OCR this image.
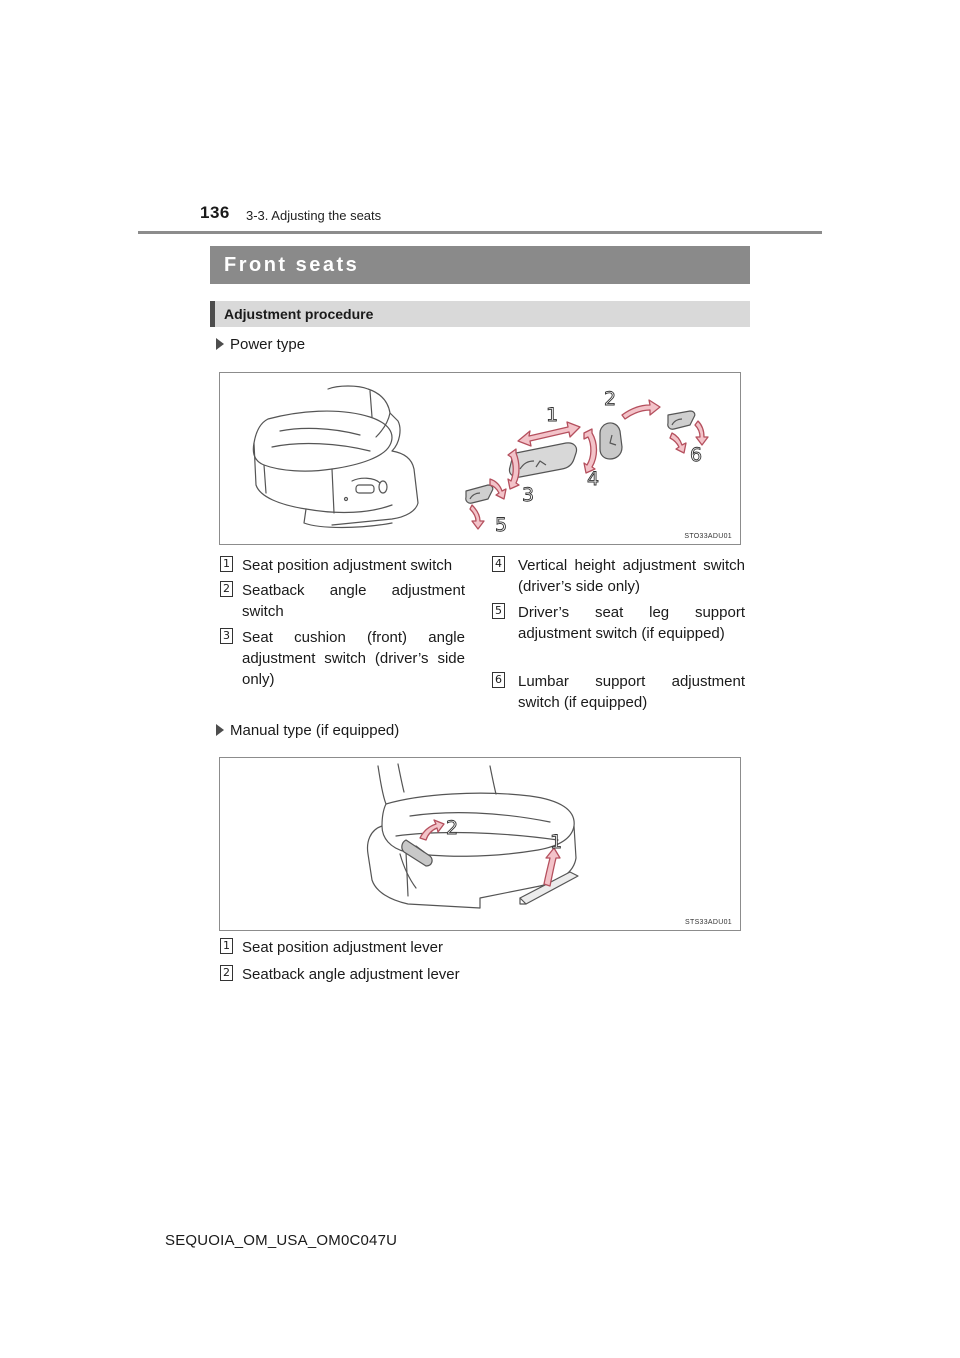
136 3-3. Adjusting the seats
Front seats
Adjustment procedure
Power type
1
2
3
4
5
6
STO33ADU01
1 Seat position adjustment switch
2 Seatback angle adjustment switch
3 Seat cushion (front) angle adjustment switch (driver’s side only)
4 Vertical height adjustment switch (driver’s side only)
5 Driver’s seat leg support adjustment switch (if equipped)
6 Lumbar support adjustment switch (if equipped)
Manual type (if equipped)
2
1
STS33ADU01
1 Seat position adjustment lever
2 Seatback angle adjustment lever
SEQUOIA_OM_USA_OM0C047U
